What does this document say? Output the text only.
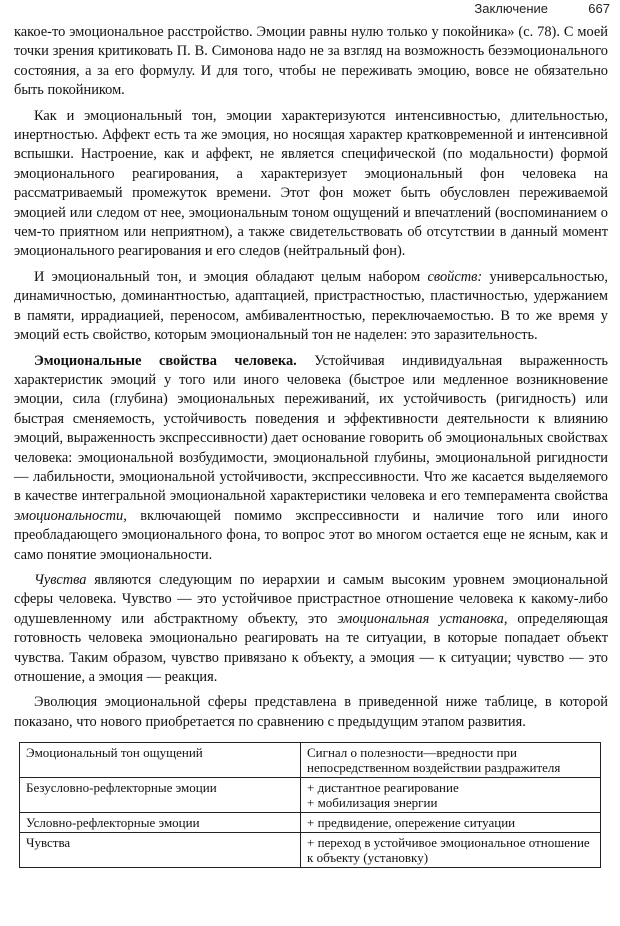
Заключение	667

какое-то эмоциональное расстройство. Эмоции равны нулю только у покойника» (с. 78). С моей точки зрения критиковать П. В. Симонова надо не за взгляд на возможность безэмоционального состояния, а за его формулу. И для того, чтобы не переживать эмоцию, вовсе не обязательно быть покойником.

Как и эмоциональный тон, эмоции характеризуются интенсивностью, длительностью, инертностью. Аффект есть та же эмоция, но носящая характер кратковременной и интенсивной вспышки. Настроение, как и аффект, не является специфической (по модальности) формой эмоционального реагирования, а характеризует эмоциональный фон человека на рассматриваемый промежуток времени. Этот фон может быть обусловлен переживаемой эмоцией или следом от нее, эмоциональным тоном ощущений и впечатлений (воспоминанием о чем-то приятном или неприятном), а также свидетельствовать об отсутствии в данный момент эмоционального реагирования и его следов (нейтральный фон).

И эмоциональный тон, и эмоция обладают целым набором свойств: универсальностью, динамичностью, доминантностью, адаптацией, пристрастностью, пластичностью, удержанием в памяти, иррадиацией, переносом, амбивалентностью, переключаемостью. В то же время у эмоций есть свойство, которым эмоциональный тон не наделен: это заразительность.

Эмоциональные свойства человека. Устойчивая индивидуальная выраженность характеристик эмоций у того или иного человека (быстрое или медленное возникновение эмоции, сила (глубина) эмоциональных переживаний, их устойчивость (ригидность) или быстрая сменяемость, устойчивость поведения и эффективности деятельности к влиянию эмоций, выраженность экспрессивности) дает основание говорить об эмоциональных свойствах человека: эмоциональной возбудимости, эмоциональной глубины, эмоциональной ригидности — лабильности, эмоциональной устойчивости, экспрессивности. Что же касается выделяемого в качестве интегральной эмоциональной характеристики человека и его темперамента свойства эмоциональности, включающей помимо экспрессивности и наличие того или иного преобладающего эмоционального фона, то вопрос этот во многом остается еще не ясным, как и само понятие эмоциональности.

Чувства являются следующим по иерархии и самым высоким уровнем эмоциональной сферы человека. Чувство — это устойчивое пристрастное отношение человека к какому-либо одушевленному или абстрактному объекту, это эмоциональная установка, определяющая готовность человека эмоционально реагировать на те ситуации, в которые попадает объект чувства. Таким образом, чувство привязано к объекту, а эмоция — к ситуации; чувство — это отношение, а эмоция — реакция.

Эволюция эмоциональной сферы представлена в приведенной ниже таблице, в которой показано, что нового приобретается по сравнению с предыдущим этапом развития.

Эмоциональный тон ощущений	Сигнал о полезности—вредности при непосредственном воздействии раздражителя

Безусловно-рефлекторные эмоции	+ дистантное реагирование
+ мобилизация энергии

Условно-рефлекторные эмоции	+ предвидение, опережение ситуации

Чувства	+ переход в устойчивое эмоциональное отношение к объекту (установку)
